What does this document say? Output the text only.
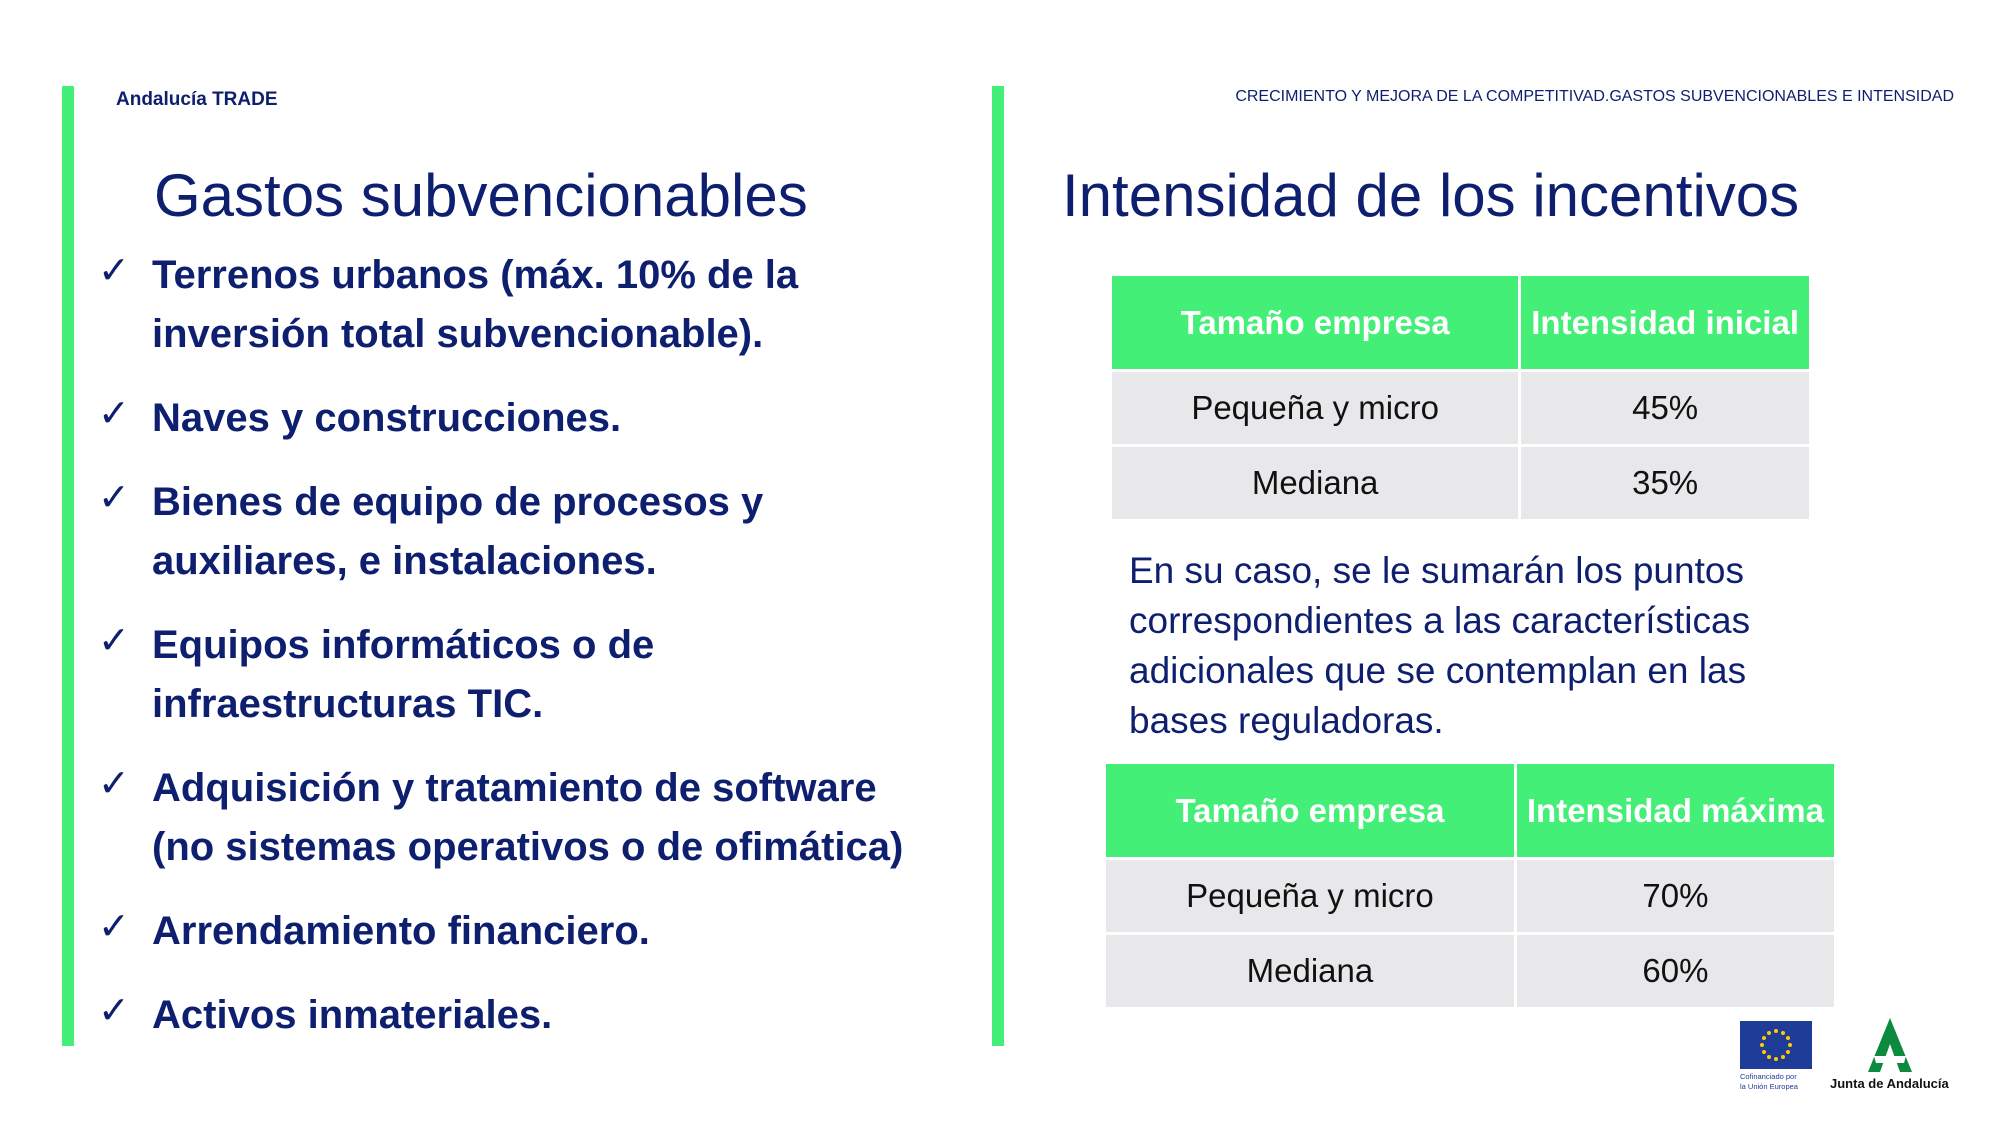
Andalucía TRADE	CRECIMIENTO Y MEJORA DE LA COMPETITIVAD.GASTOS SUBVENCIONABLES E INTENSIDAD
Gastos subvencionables
✓ Terrenos urbanos (máx. 10% de la
inversión total subvencionable).
✓ Naves y construcciones.
✓ Bienes de equipo de procesos y
auxiliares, e instalaciones.
✓ Equipos informáticos o de
infraestructuras TIC.
✓ Adquisición y tratamiento de software
(no sistemas operativos o de ofimática)
✓ Arrendamiento financiero.
✓ Activos inmateriales.
Intensidad de los incentivos
Tamaño empresa	Intensidad inicial
Pequeña y micro	45%
Mediana	35%

En su caso, se le sumarán los puntos correspondientes a las características adicionales que se contemplan en las bases reguladoras.

Tamaño empresa	Intensidad máxima
Pequeña y micro	70%
Mediana	60%
Cofinanciado por
la Unión Europea	Junta de Andalucía
